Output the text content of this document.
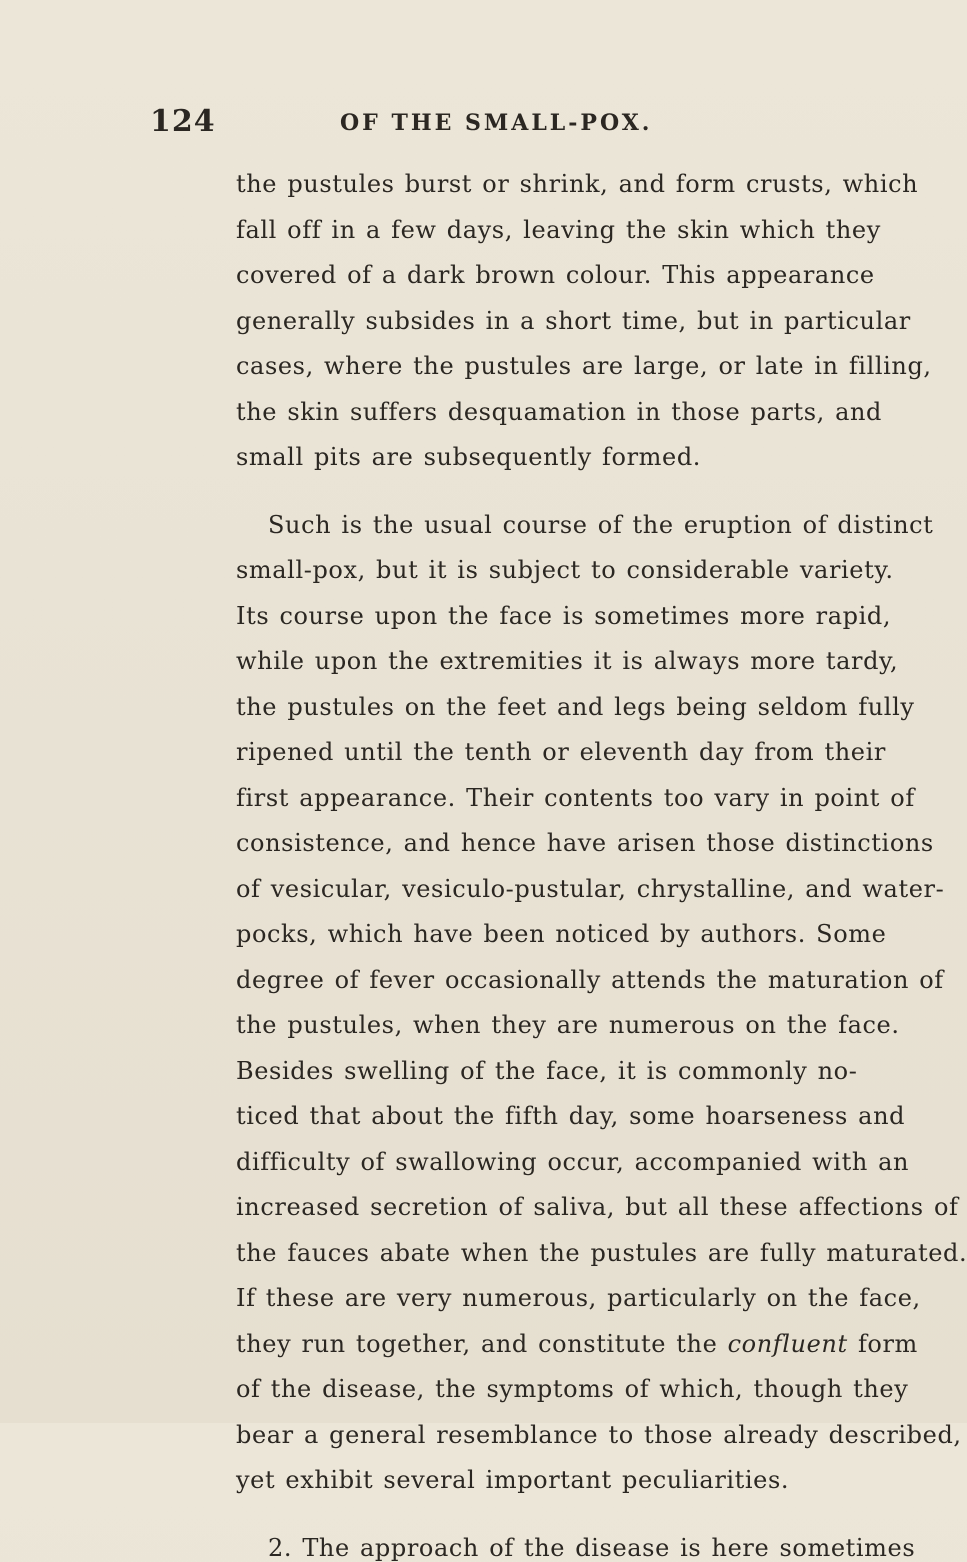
124	OF THE SMALL-POX.
the pustules burst or shrink, and form crusts, which
fall off in a few days, leaving the skin which they
covered of a dark brown colour. This appearance
generally subsides in a short time, but in particular
cases, where the pustules are large, or late in filling,
the skin suffers desquamation in those parts, and
small pits are subsequently formed.
Such is the usual course of the eruption of distinct
small-pox, but it is subject to considerable variety.
Its course upon the face is sometimes more rapid,
while upon the extremities it is always more tardy,
the pustules on the feet and legs being seldom fully
ripened until the tenth or eleventh day from their
first appearance. Their contents too vary in point of
consistence, and hence have arisen those distinctions
of vesicular, vesiculo-pustular, chrystalline, and water-
pocks, which have been noticed by authors. Some
degree of fever occasionally attends the maturation of
the pustules, when they are numerous on the face.
Besides swelling of the face, it is commonly no-
ticed that about the fifth day, some hoarseness and
difficulty of swallowing occur, accompanied with an
increased secretion of saliva, but all these affections of
the fauces abate when the pustules are fully maturated.
If these are very numerous, particularly on the face,
they run together, and constitute the confluent form
of the disease, the symptoms of which, though they
bear a general resemblance to those already described,
yet exhibit several important peculiarities.
2. The approach of the disease is here sometimes
